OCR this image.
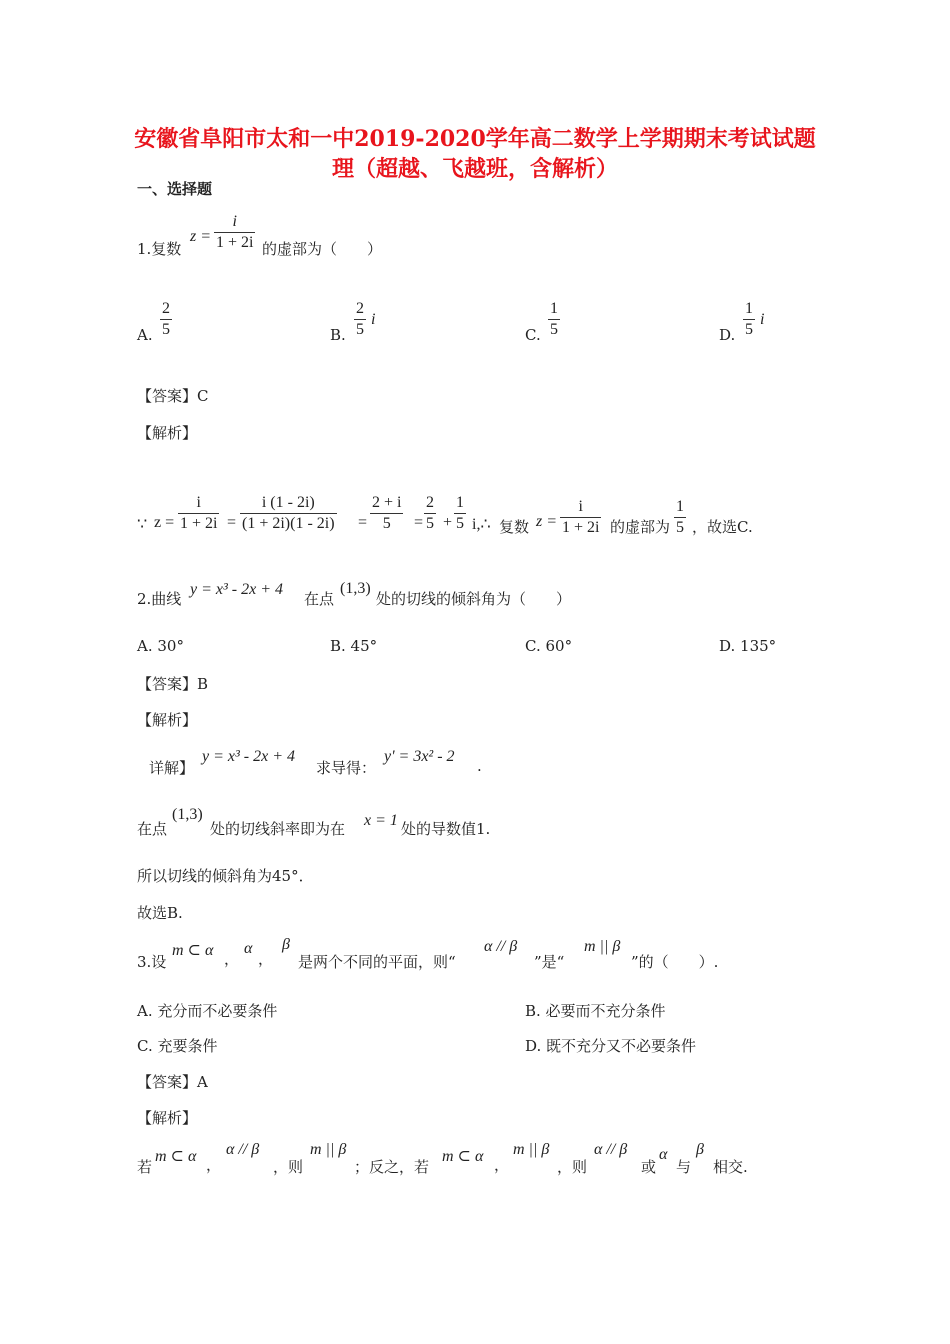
安徽省阜阳市太和一中2019-2020学年高二数学上学期期末考试试题
理（超越、飞越班，含解析）
一、选择题
1.复数
$z = \frac{i}{1 + 2i}$ 的虚部为（　　）
A. $\frac{2}{5}$	B. $\frac{2}{5}$ i
C. $\frac{1}{5}$	D. $\frac{1}{5}$ i
【答案】C
【解析】
∵ $z = \frac{i}{1 + 2i} = \frac{i (1 - 2i)}{(1 + 2i)(1 - 2i)} = \frac{2 + i}{5} = \frac{2}{5} + \frac{1}{5}$ i,∴ 复数 $z = \frac{i}{1 + 2i}$ 的虚部为 $\frac{1}{5}$ ，故选C.
2.曲线
y = x³ - 2x + 4
在点
(1,3)
处的切线的倾斜角为（　　）
A. 30°	B. 45°	C. 60°	D. 135°
【答案】B
【解析】
详解】
y = x³ - 2x + 4
求导得：
y' = 3x² - 2
.
在点
(1,3)
处的切线斜率即为在 x = 1 处的导数值1.
所以切线的倾斜角为45°．
故选B.
3.设
m ⊂ α ，
α
，
β
是两个不同的平面，则“
α // β
”是“
m || β
”的（　　）.
A. 充分而不必要条件	B. 必要而不充分条件
C. 充要条件	D. 既不充分又不必要条件
【答案】A
【解析】
若
m ⊂ α ，
α // β
，则
m || β
；反之，若
m ⊂ α ，
m || β
，则
α // β
或
α
与
β
相交.
